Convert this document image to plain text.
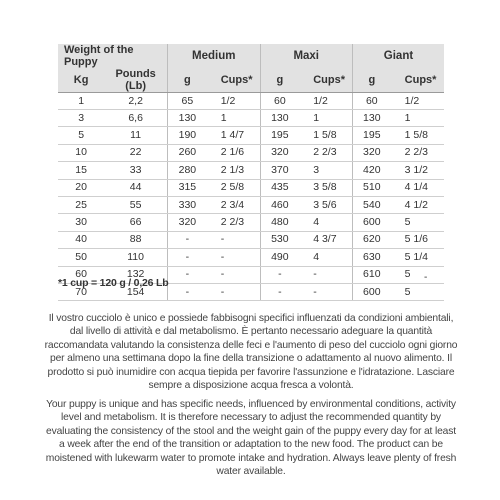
Weight of the Puppy		Medium		Maxi		Giant	
Kg	Pounds (Lb)	g	Cups*	g	Cups*	g	Cups*
1	2,2	65	1/2	60	1/2	60	1/2
3	6,6	130	1	130	1	130	1
5	11	190	1 4/7	195	1 5/8	195	1 5/8
10	22	260	2 1/6	320	2 2/3	320	2 2/3
15	33	280	2 1/3	370	3	420	3 1/2
20	44	315	2 5/8	435	3 5/8	510	4 1/4
25	55	330	2 3/4	460	3 5/6	540	4 1/2
30	66	320	2 2/3	480	4	600	5
40	88	-	-	530	4 3/7	620	5 1/6
50	110	-	-	490	4	630	5 1/4
60	132	-	-	-	-	610	5
70	154	-	-	-	-	600	5
-
*1 cup = 120 g / 0,26 Lb

Il vostro cucciolo è unico e possiede fabbisogni specifici influenzati da condizioni ambientali, dal livello di attività e dal metabolismo. È pertanto necessario adeguare la quantità raccomandata valutando la consistenza delle feci e l'aumento di peso del cucciolo ogni giorno per almeno una settimana dopo la fine della transizione o adattamento al nuovo alimento. Il prodotto si può inumidire con acqua tiepida per favorire l'assunzione e l'idratazione. Lasciare sempre a disposizione acqua fresca a volontà.

Your puppy is unique and has specific needs, influenced by environmental conditions, activity level and metabolism. It is therefore necessary to adjust the recommended quantity by evaluating the consistency of the stool and the weight gain of the puppy every day for at least a week after the end of the transition or adaptation to the new food. The product can be moistened with lukewarm water to promote intake and hydration. Always leave plenty of fresh water available.
